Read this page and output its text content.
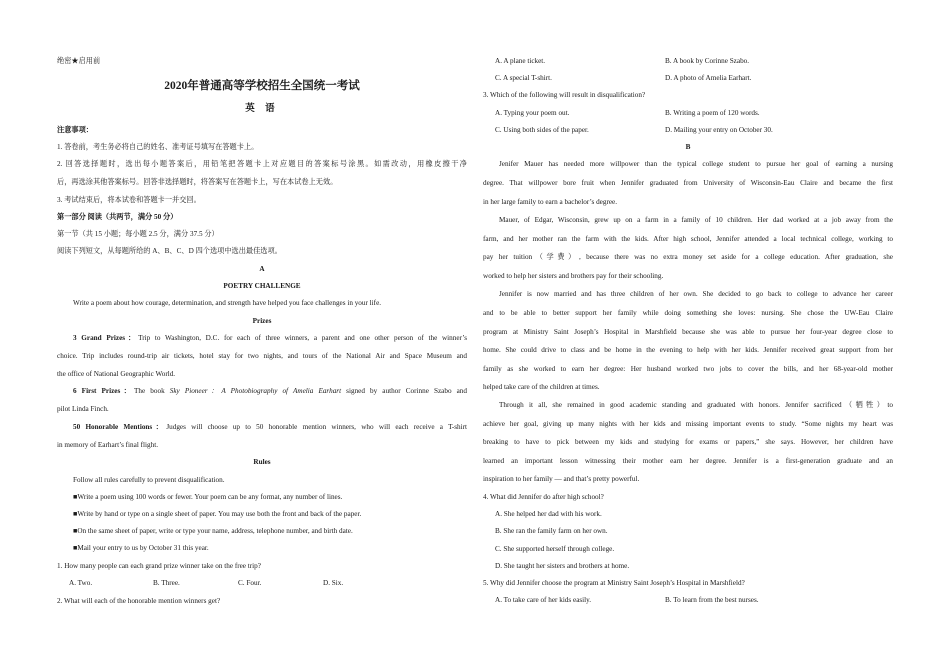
绝密★启用前
2020年普通高等学校招生全国统一考试
英 语
注意事项：
1. 答卷前，考生务必将自己的姓名、准考证号填写在答题卡上。
2. 回答选择题时，选出每小题答案后，用铅笔把答题卡上对应题目的答案标号涂黑。如需改动，用橡皮擦干净
后，再选涂其他答案标号。回答非选择题时，将答案写在答题卡上，写在本试卷上无效。
3. 考试结束后，将本试卷和答题卡一并交回。
第一部分 阅读（共两节，满分 50 分）
第一节（共 15 小题；每小题 2.5 分，满分 37.5 分）
阅读下列短文，从每题所给的 A、B、C、D 四个选项中选出最佳选项。
A
POETRY CHALLENGE
Write a poem about how courage, determination, and strength have helped you face challenges in your life.
Prizes
3 Grand Prizes：Trip to Washington, D.C. for each of three winners, a parent and one other person of the winner’s
choice. Trip includes round-trip air tickets, hotel stay for two nights, and tours of the National Air and Space Museum and
the office of National Geographic World.
6 First Prizes：The book Sky Pioneer：A Photobiography of Amelia Earhart signed by author Corinne Szabo and
pilot Linda Finch.
50 Honorable Mentions：Judges will choose up to 50 honorable mention winners, who will each receive a T-shirt
in memory of Earhart’s final flight.
Rules
Follow all rules carefully to prevent disqualification.
■Write a poem using 100 words or fewer. Your poem can be any format, any number of lines.
■Write by hand or type on a single sheet of paper. You may use both the front and back of the paper.
■On the same sheet of paper, write or type your name, address, telephone number, and birth date.
■Mail your entry to us by October 31 this year.
1. How many people can each grand prize winner take on the free trip?
A. Two.	B. Three.	C. Four.	D. Six.
2. What will each of the honorable mention winners get?
A. A plane ticket.	B. A book by Corinne Szabo.
C. A special T-shirt.	D. A photo of Amelia Earhart.
3. Which of the following will result in disqualification?
A. Typing your poem out.	B. Writing a poem of 120 words.
C. Using both sides of the paper.	D. Mailing your entry on October 30.
B
Jenifer Mauer has needed more willpower than the typical college student to pursue her goal of earning a nursing
degree. That willpower bore fruit when Jennifer graduated from University of Wisconsin-Eau Claire and became the first
in her large family to earn a bachelor’s degree.
Mauer, of Edgar, Wisconsin, grew up on a farm in a family of 10 children. Her dad worked at a job away from the
farm, and her mother ran the farm with the kids. After high school, Jennifer attended a local technical college, working to
pay her tuition（学费）, because there was no extra money set aside for a college education. After graduation, she
worked to help her sisters and brothers pay for their schooling.
Jennifer is now married and has three children of her own. She decided to go back to college to advance her career
and to be able to better support her family while doing something she loves: nursing. She chose the UW-Eau Claire
program at Ministry Saint Joseph’s Hospital in Marshfield because she was able to pursue her four-year degree close to
home. She could drive to class and be home in the evening to help with her kids. Jennifer received great support from her
family as she worked to earn her degree: Her husband worked two jobs to cover the bills, and her 68-year-old mother
helped take care of the children at times.
Through it all, she remained in good academic standing and graduated with honors. Jennifer sacrificed（牺牲）to
achieve her goal, giving up many nights with her kids and missing important events to study. “Some nights my heart was
breaking to have to pick between my kids and studying for exams or papers,” she says. However, her children have
learned an important lesson witnessing their mother earn her degree. Jennifer is a first-generation graduate and an
inspiration to her family — and that’s pretty powerful.
4. What did Jennifer do after high school?
A. She helped her dad with his work.
B. She ran the family farm on her own.
C. She supported herself through college.
D. She taught her sisters and brothers at home.
5. Why did Jennifer choose the program at Ministry Saint Joseph’s Hospital in Marshfield?
A. To take care of her kids easily.	B. To learn from the best nurses.
